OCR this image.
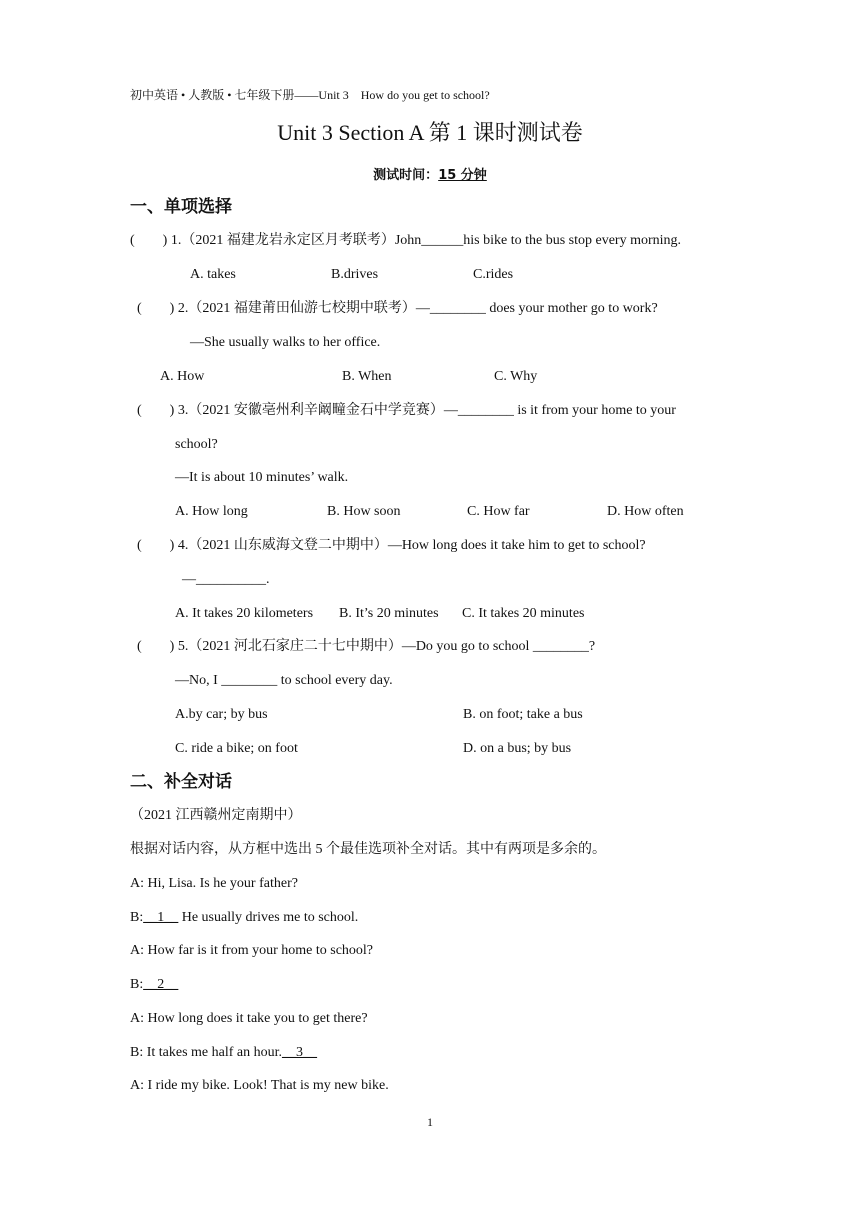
初中英语 • 人教版 • 七年级下册——Unit 3　How do you get to school?
Unit 3 Section A 第 1 课时测试卷
测试时间：15 分钟
一、单项选择
(　　) 1.（2021 福建龙岩永定区月考联考）John______his bike to the bus stop every morning.
A. takes	B.drives	C.rides
(　　) 2.（2021 福建莆田仙游七校期中联考）—________ does your mother go to work?
—She usually walks to her office.
A. How	B. When	C. Why
(　　) 3.（2021 安徽亳州利辛阚疃金石中学竞赛）—________ is it from your home to your
school?
—It is about 10 minutes’ walk.
A. How long	B. How soon	C. How far	D. How often
(　　) 4.（2021 山东威海文登二中期中）—How long does it take him to get to school?
—__________.
A. It takes 20 kilometers B. It’s 20 minutes C. It takes 20 minutes
(　　) 5.（2021 河北石家庄二十七中期中）—Do you go to school ________?
—No, I ________ to school every day.
A.by car; by bus	B. on foot; take a bus
C. ride a bike; on foot	D. on a bus; by bus
二、补全对话
（2021 江西赣州定南期中）
根据对话内容，从方框中选出 5 个最佳选项补全对话。其中有两项是多余的。
A: Hi, Lisa. Is he your father?
B:__1__ He usually drives me to school.
A: How far is it from your home to school?
B:__2__
A: How long does it take you to get there?
B: It takes me half an hour.__3__
A: I ride my bike. Look! That is my new bike.
1
